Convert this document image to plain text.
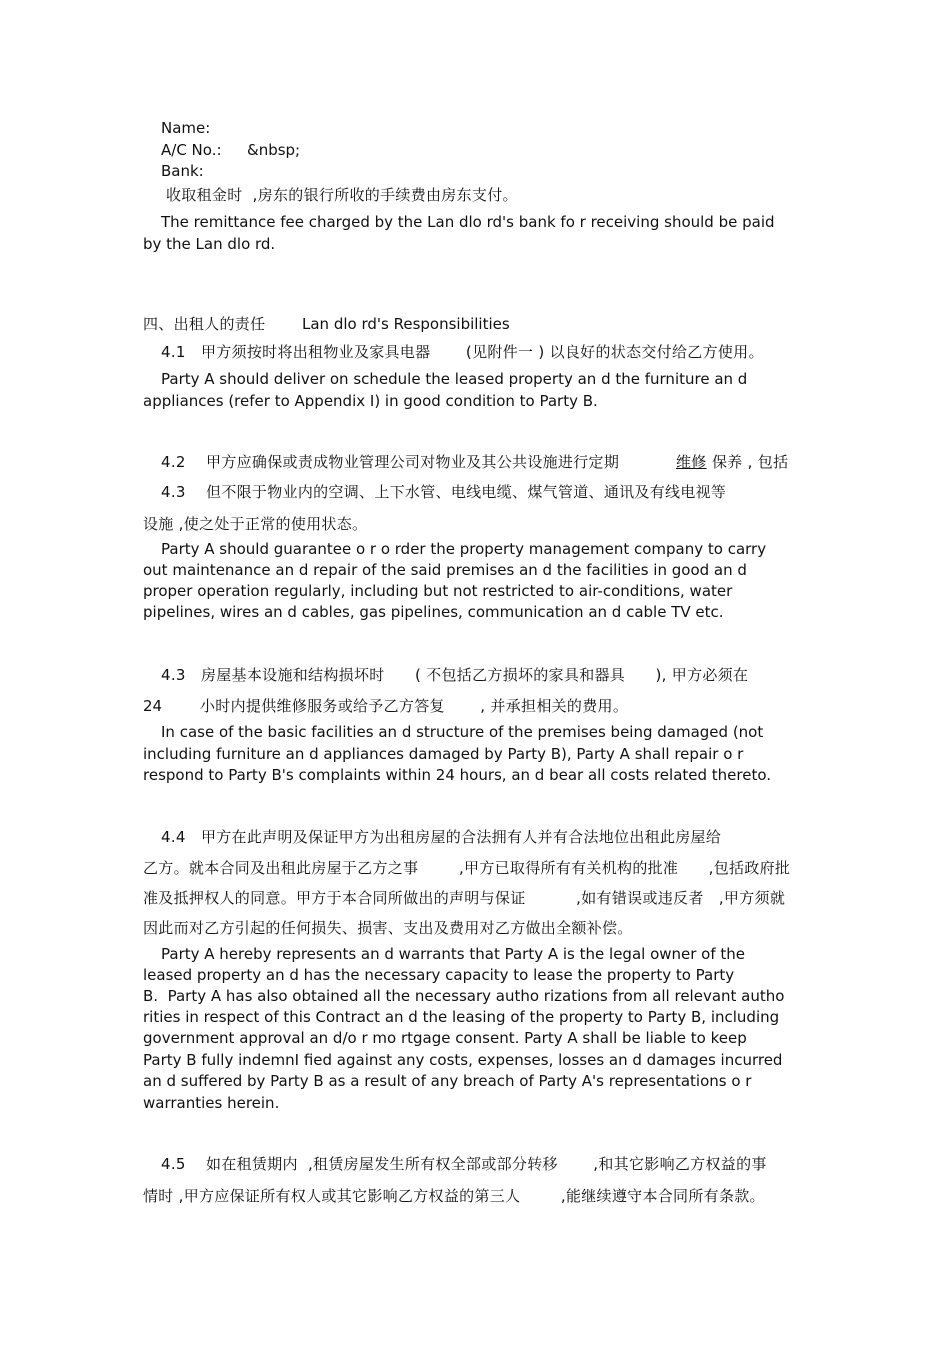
Name:
A/C No.: &nbsp;
Bank:
收取租金时  ,房东的银行所收的手续费由房东支付。
The remittance fee charged by the Lan dlo rd's bank fo r receiving should be paid
by the Lan dlo rd.
四、出租人的责任 Lan dlo rd's Responsibilities
4.1   甲方须按时将出租物业及家具电器       (见附件一 ) 以良好的状态交付给乙方使用。
Party A should deliver on schedule the leased property an d the furniture an d
appliances (refer to Appendix I) in good condition to Party B.
4.2    甲方应确保或责成物业管理公司对物业及其公共设施进行定期	维修 保养 , 包括
4.3    但不限于物业内的空调、上下水管、电线电缆、煤气管道、通讯及有线电视等
设施 ,使之处于正常的使用状态。
Party A should guarantee o r o rder the property management company to carry
out maintenance an d repair of the said premises an d the facilities in good an d
proper operation regularly, including but not restricted to air-conditions, water
pipelines, wires an d cables, gas pipelines, communication an d cable TV etc.
4.3   房屋基本设施和结构损坏时      ( 不包括乙方损坏的家具和器具      ), 甲方必须在
24	小时内提供维修服务或给予乙方答复       , 并承担相关的费用。
In case of the basic facilities an d structure of the premises being damaged (not
including furniture an d appliances damaged by Party B), Party A shall repair o r
respond to Party B's complaints within 24 hours, an d bear all costs related thereto.
4.4   甲方在此声明及保证甲方为出租房屋的合法拥有人并有合法地位出租此房屋给
乙方。就本合同及出租此房屋于乙方之事        ,甲方已取得所有有关机构的批准      ,包括政府批
准及抵押权人的同意。甲方于本合同所做出的声明与保证          ,如有错误或违反者   ,甲方须就
因此而对乙方引起的任何损失、损害、支出及费用对乙方做出全额补偿。
Party A hereby represents an d warrants that Party A is the legal owner of the
leased property an d has the necessary capacity to lease the property to Party
B.  Party A has also obtained all the necessary autho rizations from all relevant autho
rities in respect of this Contract an d the leasing of the property to Party B, including
government approval an d/o r mo rtgage consent. Party A shall be liable to keep
Party B fully indemnI fied against any costs, expenses, losses an d damages incurred
an d suffered by Party B as a result of any breach of Party A's representations o r
warranties herein.
4.5    如在租赁期内  ,租赁房屋发生所有权全部或部分转移       ,和其它影响乙方权益的事
情时 ,甲方应保证所有权人或其它影响乙方权益的第三人        ,能继续遵守本合同所有条款。
